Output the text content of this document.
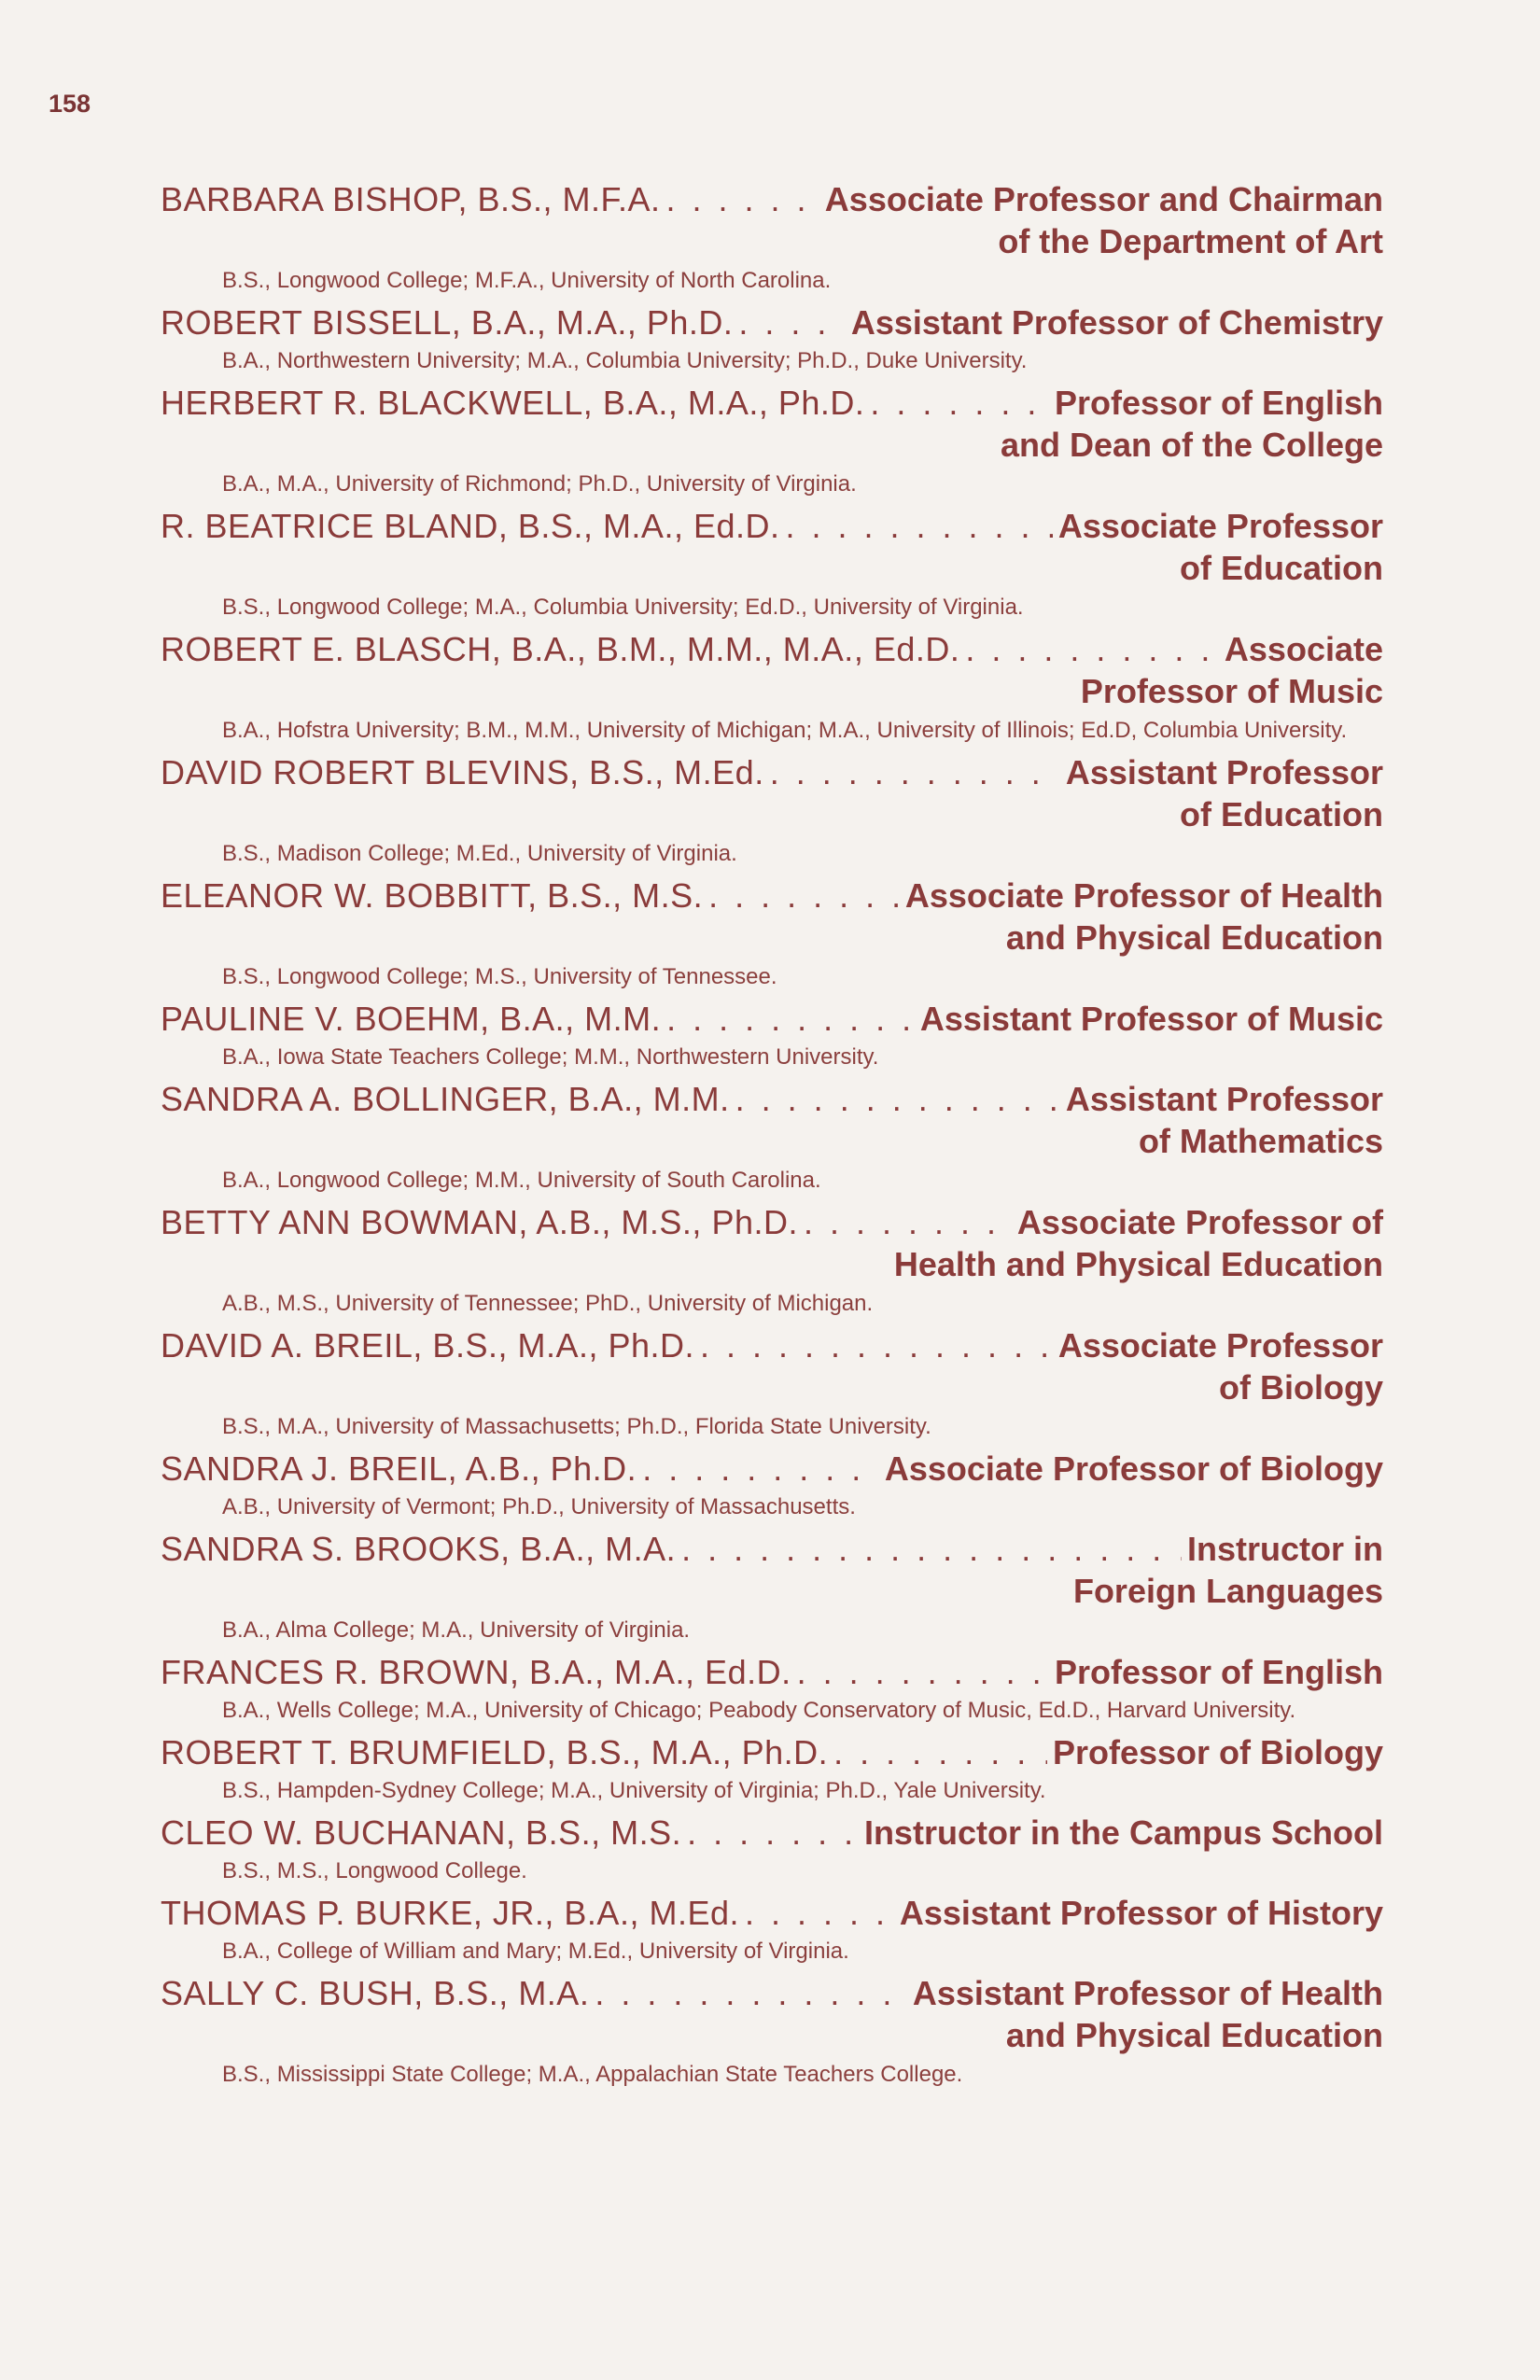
158
BARBARA BISHOP, B.S., M.F.A. . . .	Associate Professor and Chairman
of the Department of Art
B.S., Longwood College; M.F.A., University of North Carolina.
ROBERT BISSELL, B.A., M.A., Ph.D. . . .	Assistant Professor of Chemistry
B.A., Northwestern University; M.A., Columbia University; Ph.D., Duke University.
HERBERT R. BLACKWELL, B.A., M.A., Ph.D. . . .	Professor of English
and Dean of the College
B.A., M.A., University of Richmond; Ph.D., University of Virginia.
R. BEATRICE BLAND, B.S., M.A., Ed.D. . . .	Associate Professor
of Education
B.S., Longwood College; M.A., Columbia University; Ed.D., University of Virginia.
ROBERT E. BLASCH, B.A., B.M., M.M., M.A., Ed.D. . . .	Associate
Professor of Music
B.A., Hofstra University; B.M., M.M., University of Michigan; M.A., University of Illinois; Ed.D, Columbia University.
DAVID ROBERT BLEVINS, B.S., M.Ed. . . .	Assistant Professor
of Education
B.S., Madison College; M.Ed., University of Virginia.
ELEANOR W. BOBBITT, B.S., M.S. . . .	Associate Professor of Health
and Physical Education
B.S., Longwood College; M.S., University of Tennessee.
PAULINE V. BOEHM, B.A., M.M. . . .	Assistant Professor of Music
B.A., Iowa State Teachers College; M.M., Northwestern University.
SANDRA A. BOLLINGER, B.A., M.M. . . .	Assistant Professor
of Mathematics
B.A., Longwood College; M.M., University of South Carolina.
BETTY ANN BOWMAN, A.B., M.S., Ph.D. . . .	Associate Professor of
Health and Physical Education
A.B., M.S., University of Tennessee; PhD., University of Michigan.
DAVID A. BREIL, B.S., M.A., Ph.D. . . .	Associate Professor
of Biology
B.S., M.A., University of Massachusetts; Ph.D., Florida State University.
SANDRA J. BREIL, A.B., Ph.D. . . .	Associate Professor of Biology
A.B., University of Vermont; Ph.D., University of Massachusetts.
SANDRA S. BROOKS, B.A., M.A. . . .	Instructor in
Foreign Languages
B.A., Alma College; M.A., University of Virginia.
FRANCES R. BROWN, B.A., M.A., Ed.D. . . .	Professor of English
B.A., Wells College; M.A., University of Chicago; Peabody Conservatory of Music, Ed.D., Harvard University.
ROBERT T. BRUMFIELD, B.S., M.A., Ph.D. . . .	Professor of Biology
B.S., Hampden-Sydney College; M.A., University of Virginia; Ph.D., Yale University.
CLEO W. BUCHANAN, B.S., M.S. . . .	Instructor in the Campus School
B.S., M.S., Longwood College.
THOMAS P. BURKE, JR., B.A., M.Ed. . . .	Assistant Professor of History
B.A., College of William and Mary; M.Ed., University of Virginia.
SALLY C. BUSH, B.S., M.A. . . .	Assistant Professor of Health
and Physical Education
B.S., Mississippi State College; M.A., Appalachian State Teachers College.
